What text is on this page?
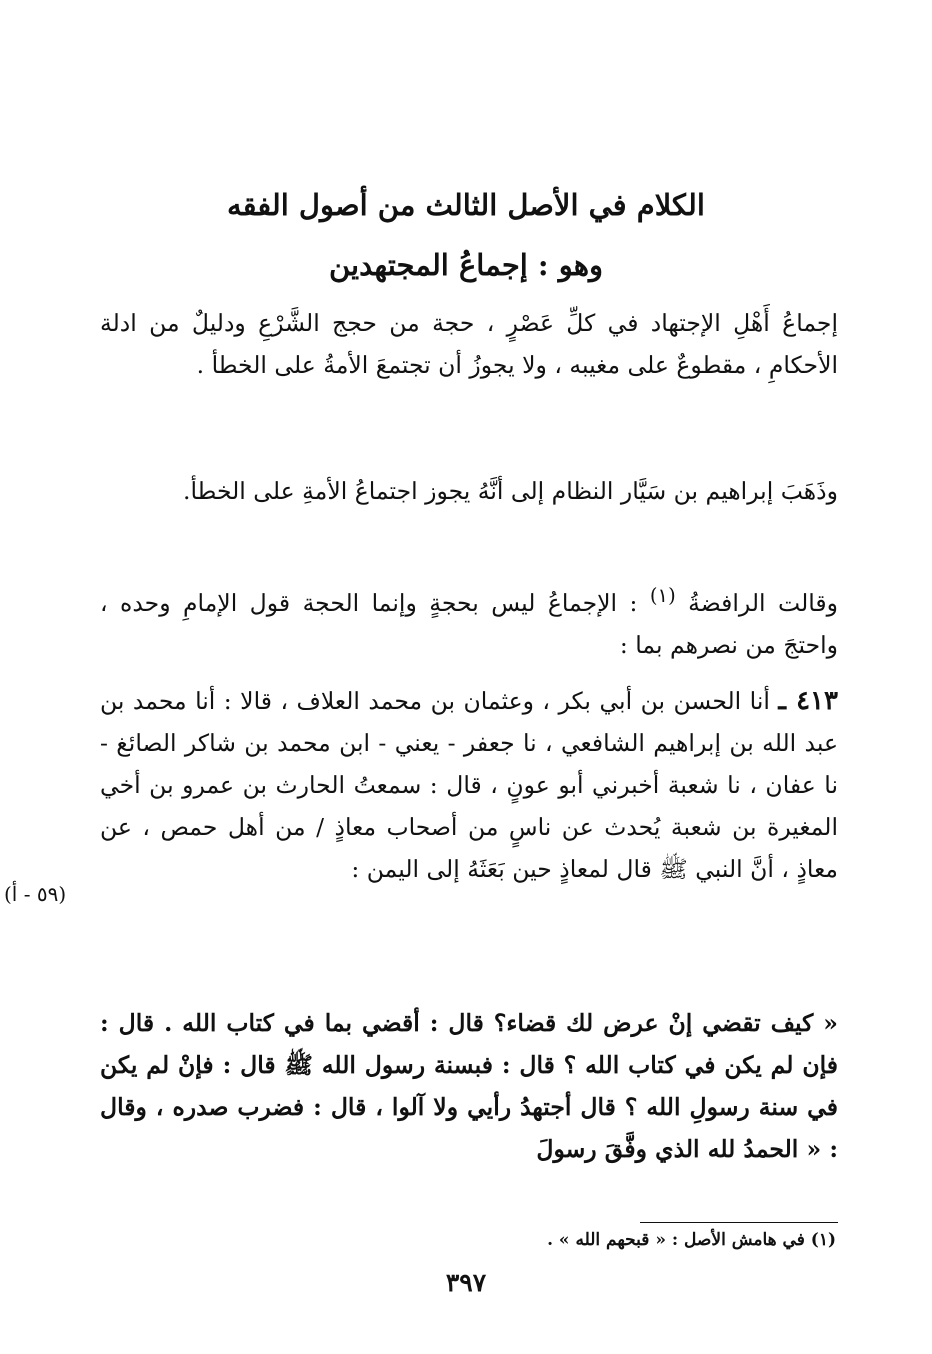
الكلام في الأصل الثالث من أصول الفقه
وهو : إجماعُ المجتهدين

إجماعُ أَهْلِ الإجتهاد في كلِّ عَصْرٍ ، حجة من حجج الشَّرْعِ ودليلٌ من ادلة الأحكامِ ، مقطوعٌ على مغيبه ، ولا يجوزُ أن تجتمعَ الأمةُ على الخطأ .

وذَهَبَ إبراهيم بن سَيَّار النظام إلى أنَّهُ يجوز اجتماعُ الأمةِ على الخطأ.

وقالت الرافضةُ $^{(١)}$ : الإجماعُ ليس بحجةٍ وإنما الحجة قول الإمامِ وحده ، واحتجَ من نصرهم بما :

٤١٣ ـ أنا الحسن بن أبي بكر ، وعثمان بن محمد العلاف ، قالا : أنا محمد بن عبد الله بن إبراهيم الشافعي ، نا جعفر - يعني - ابن محمد بن شاكر الصائغ - نا عفان ، نا شعبة أخبرني أبو عونٍ ، قال : سمعتُ الحارث بن عمرو بن أخي المغيرة بن شعبة يُحدث عن ناسٍ من أصحاب معاذٍ / من أهل حمص ، عن معاذٍ ، أنَّ النبي ﷺ قال لمعاذٍ حين بَعَثَهُ إلى اليمن :

(٥٩ - أ)

« كيف تقضي إنْ عرض لك قضاء؟ قال : أقضي بما في كتاب الله . قال : فإن لم يكن في كتاب الله ؟ قال : فبسنة رسول الله ﷺ قال : فإنْ لم يكن في سنة رسولِ الله ؟ قال أجتهدُ رأيي ولا آلوا ، قال : فضرب صدره ، وقال : « الحمدُ لله الذي وفَّقَ رسولَ

(١) في هامش الأصل : « قبحهم الله » .
٣٩٧
